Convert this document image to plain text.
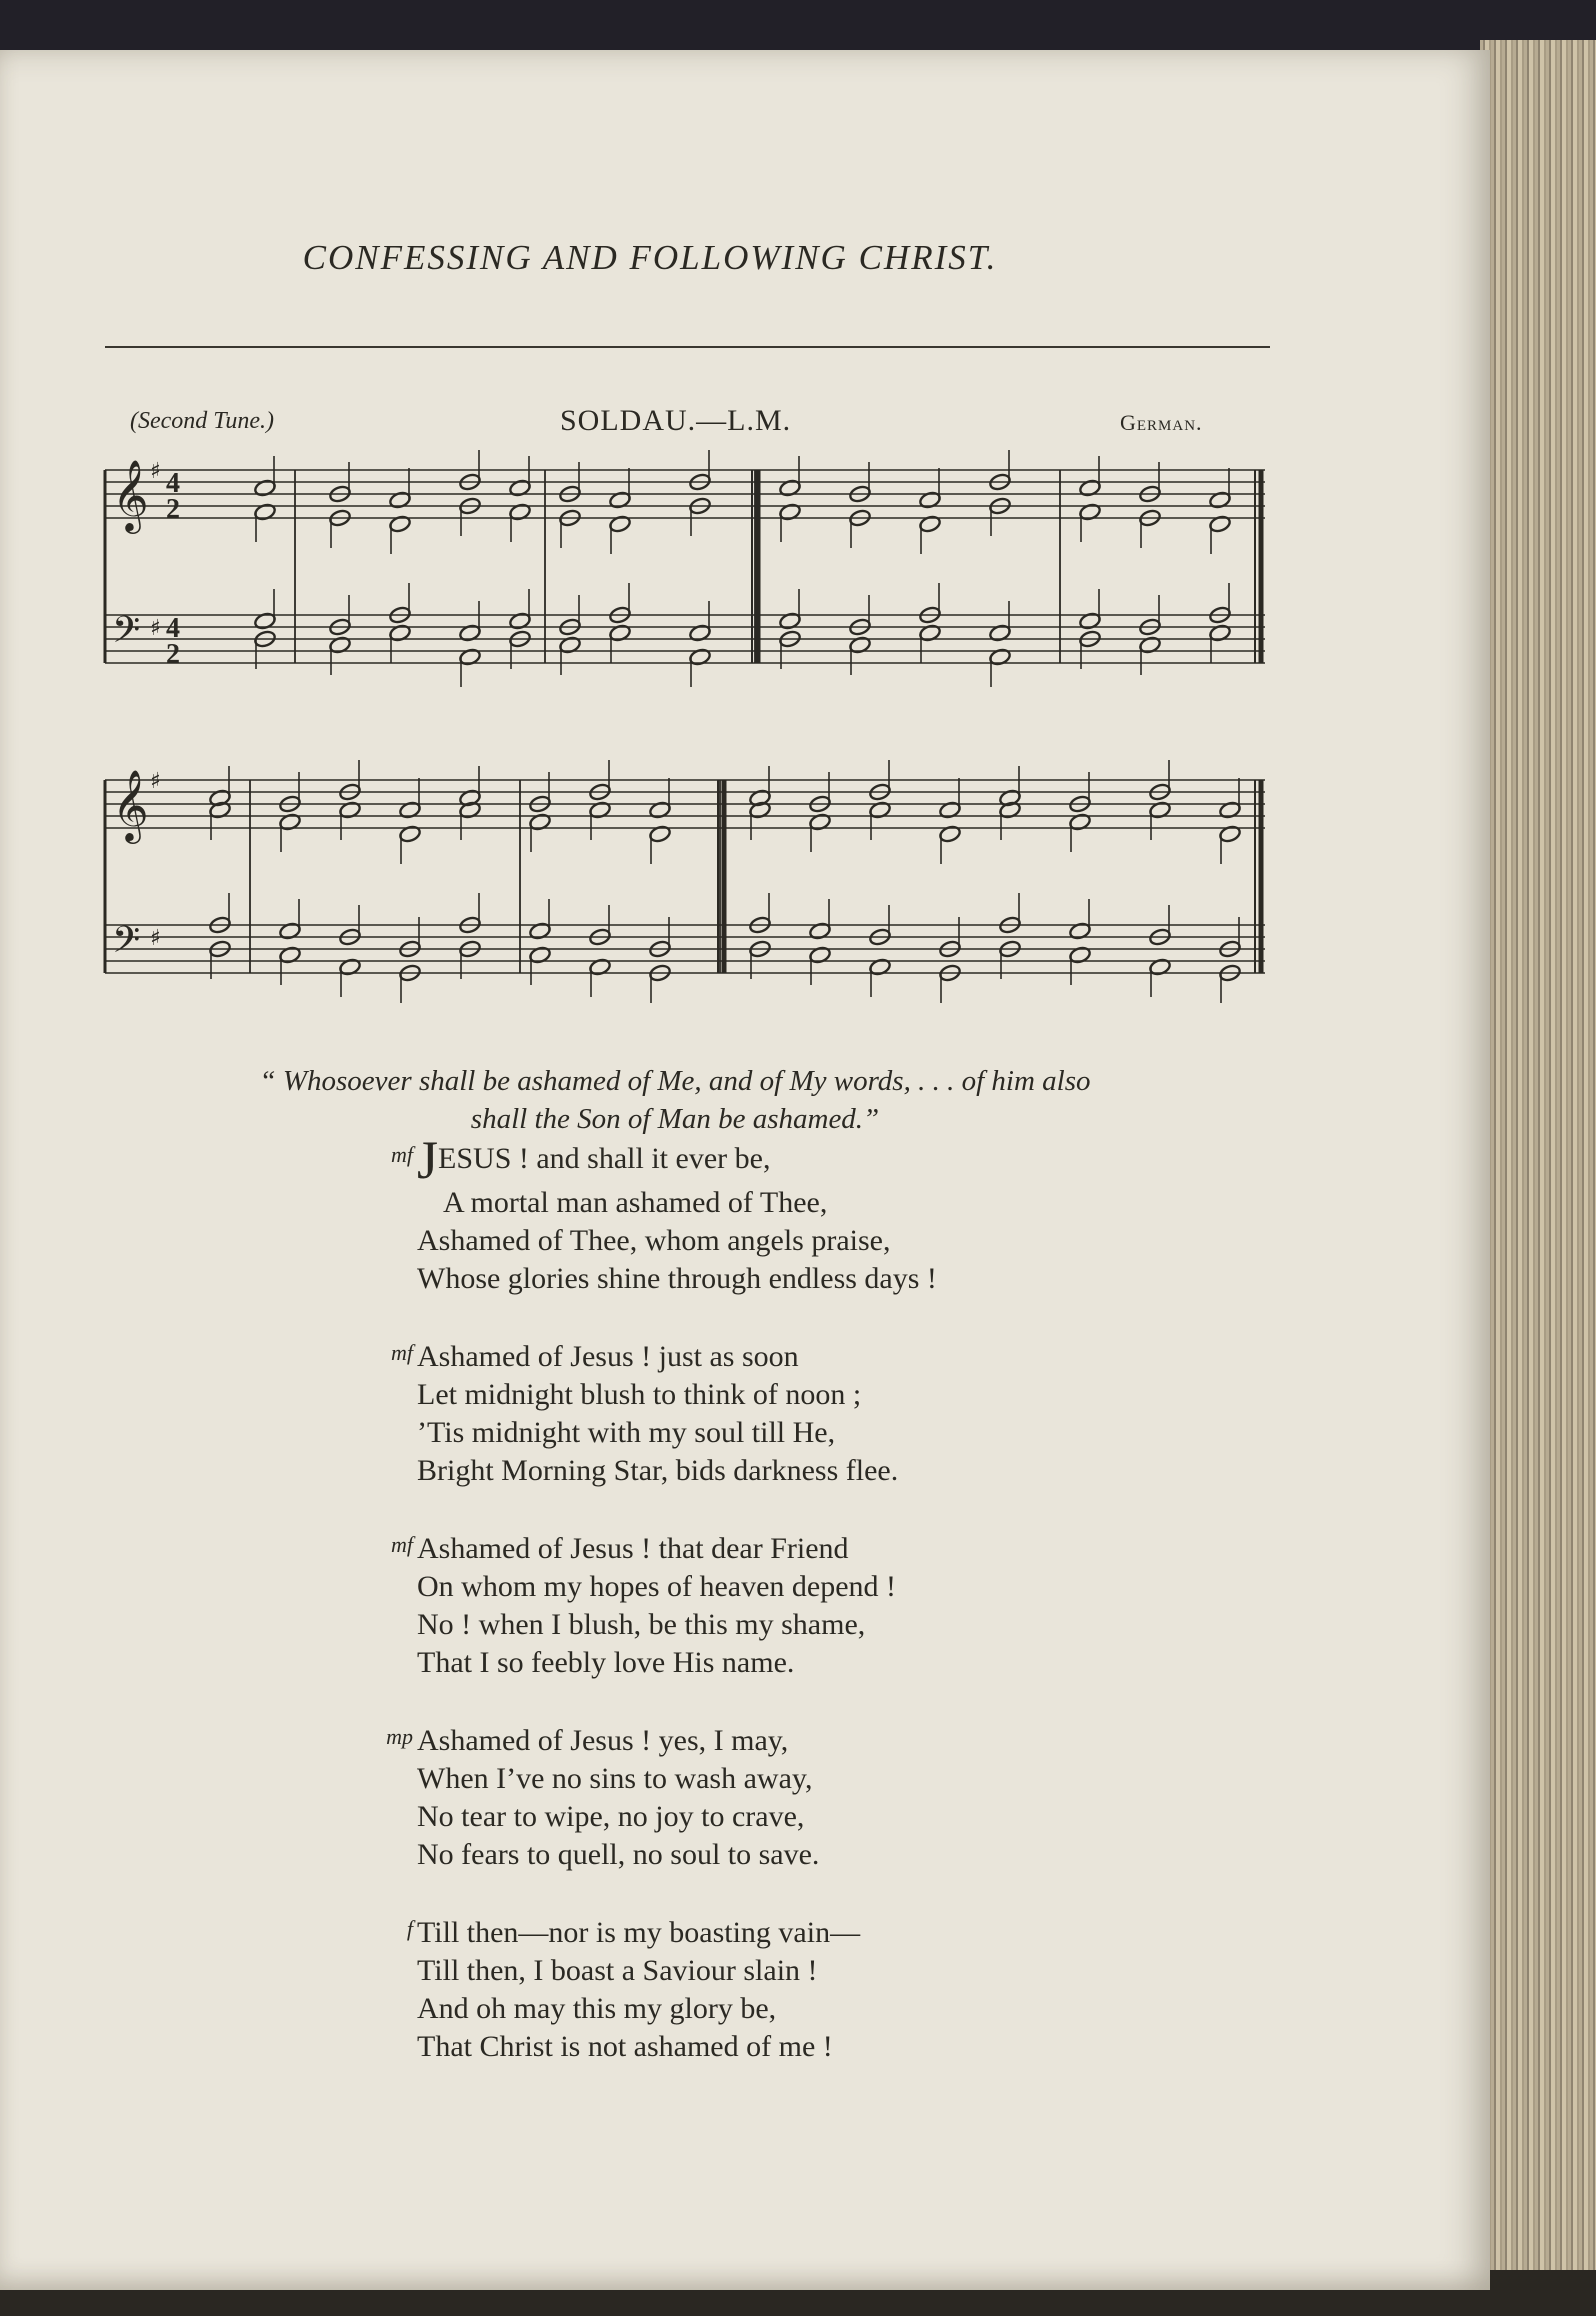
CONFESSING AND FOLLOWING CHRIST.
(Second Tune.)	SOLDAU.—L.M.	German.
𝄞 ♯
𝄢 ♯
𝄞 ♯
𝄢 ♯
4
2
4
2
“ Whosoever shall be ashamed of Me, and of My words, . . . of him also
shall the Son of Man be ashamed.”
mf JESUS ! and shall it ever be,
A mortal man ashamed of Thee,
Ashamed of Thee, whom angels praise,
Whose glories shine through endless days !
mf Ashamed of Jesus ! just as soon
Let midnight blush to think of noon ;
’Tis midnight with my soul till He,
Bright Morning Star, bids darkness flee.
mf Ashamed of Jesus ! that dear Friend
On whom my hopes of heaven depend !
No ! when I blush, be this my shame,
That I so feebly love His name.
mp Ashamed of Jesus ! yes, I may,
When I’ve no sins to wash away,
No tear to wipe, no joy to crave,
No fears to quell, no soul to save.
f Till then—nor is my boasting vain—
Till then, I boast a Saviour slain !
And oh may this my glory be,
That Christ is not ashamed of me !
